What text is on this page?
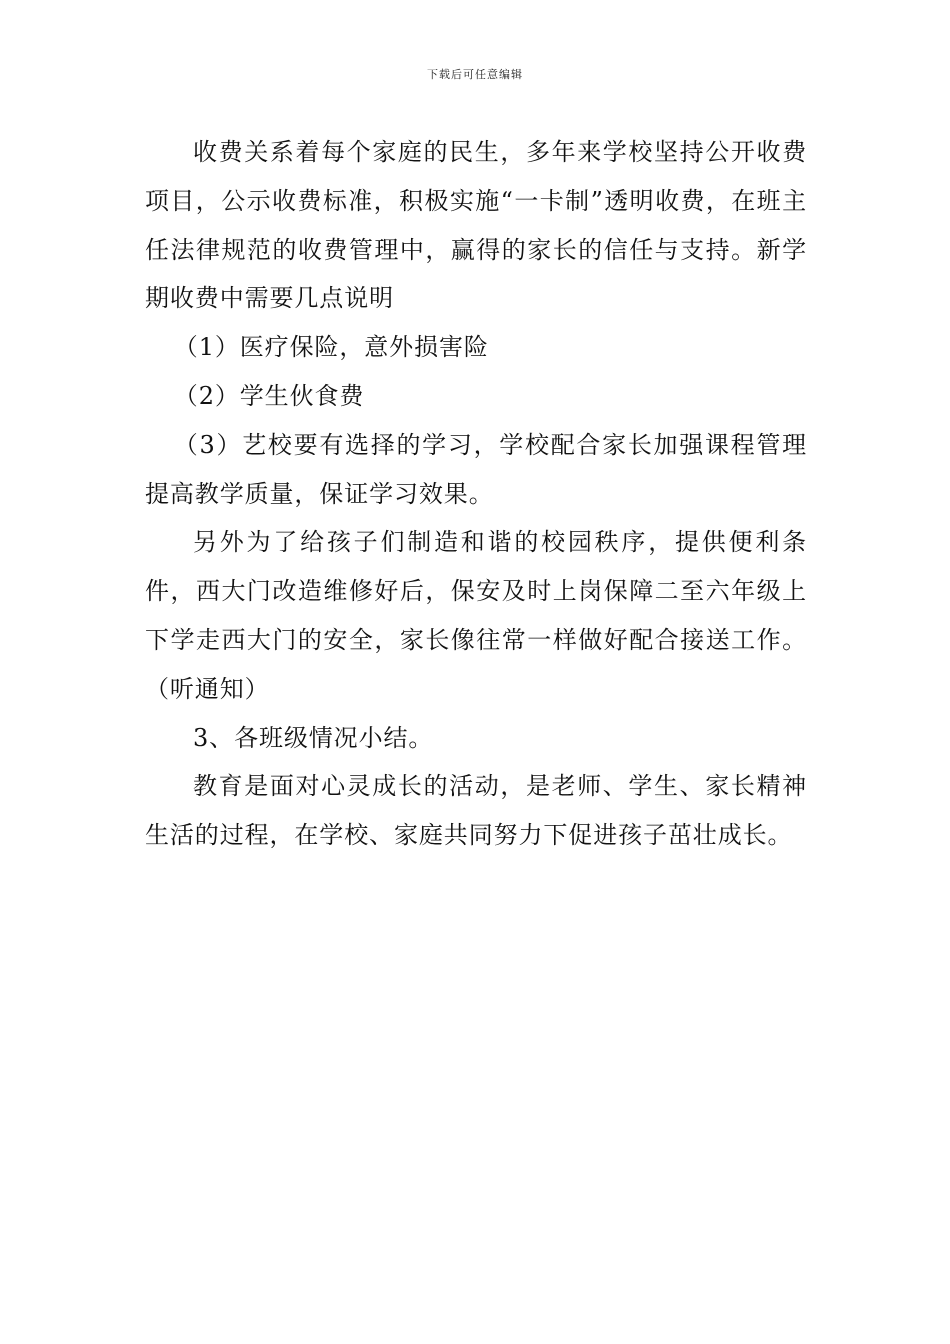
下载后可任意编辑

收费关系着每个家庭的民生，多年来学校坚持公开收费项目，公示收费标准，积极实施“一卡制”透明收费，在班主任法律规范的收费管理中，赢得的家长的信任与支持。新学期收费中需要几点说明

（1）医疗保险，意外损害险

（2）学生伙食费

（3）艺校要有选择的学习，学校配合家长加强课程管理提高教学质量，保证学习效果。

另外为了给孩子们制造和谐的校园秩序，提供便利条件，西大门改造维修好后，保安及时上岗保障二至六年级上下学走西大门的安全，家长像往常一样做好配合接送工作。（听通知）

3、各班级情况小结。

教育是面对心灵成长的活动，是老师、学生、家长精神生活的过程，在学校、家庭共同努力下促进孩子茁壮成长。
